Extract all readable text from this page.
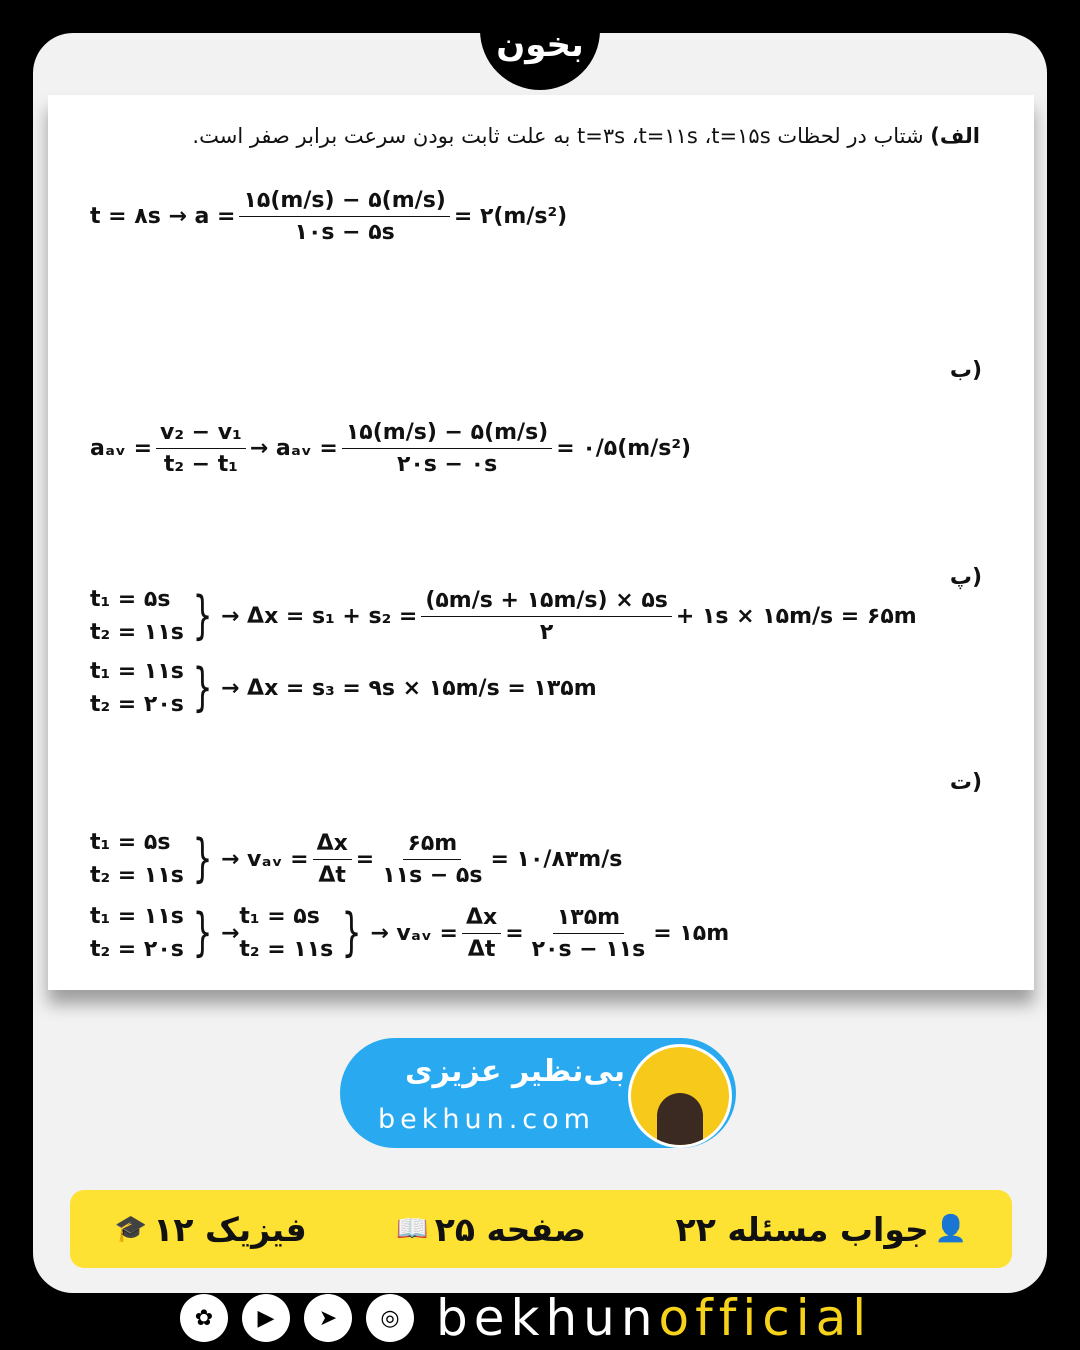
بخون
الف) شتاب در لحظات t=۳s ،t=۱۱s ،t=۱۵s به علت ثابت بودن سرعت برابر صفر است.
t = ۸s → $a = \frac{۱۵(m/s) - ۵(m/s)}{۱۰s - ۵s}$ = ۲(m/s²)
ب)
aₐᵥ = $\frac{\text{v₂ − v₁}}{\text{t₂ − t₁}}$ → aₐᵥ = $\frac{۱۵(m/s) - ۵(m/s)}{۲۰s - ۰s}$ = ۰/۵(m/s²)
پ)
t₁ = ۵s
t₂ = ۱۱s } → $\Delta x = s_1 + s_2 = \frac{(۵m/s + ۱۵m/s) \times ۵s}{۲}$ + ۱s × ۱۵m/s = ۶۵m
t₁ = ۱۱s
t₂ = ۲۰s } → Δx = s₃ = ۹s × ۱۵m/s = ۱۳۵m
ت)
t₁ = ۵s
t₂ = ۱۱s } → vₐᵥ = $\frac{\Delta x}{\Delta t} = \frac{۶۵m}{۱۱s - ۵s}$ = ۱۰/۸۳m/s
t₁ = ۱۱s
t₂ = ۲۰s } →
t₁ = ۵s
t₂ = ۱۱s } → vₐᵥ = $\frac{\Delta x}{\Delta t} = \frac{۱۳۵m}{۲۰s - ۱۱s}$ = ۱۵m
بی‌نظیر عزیزی
bekhun.com
👤
جواب مسئله ۲۲
صفحه ۲۵
📖
فیزیک ۱۲
🎓
✿	▶	➤	◎ bekhunofficial
